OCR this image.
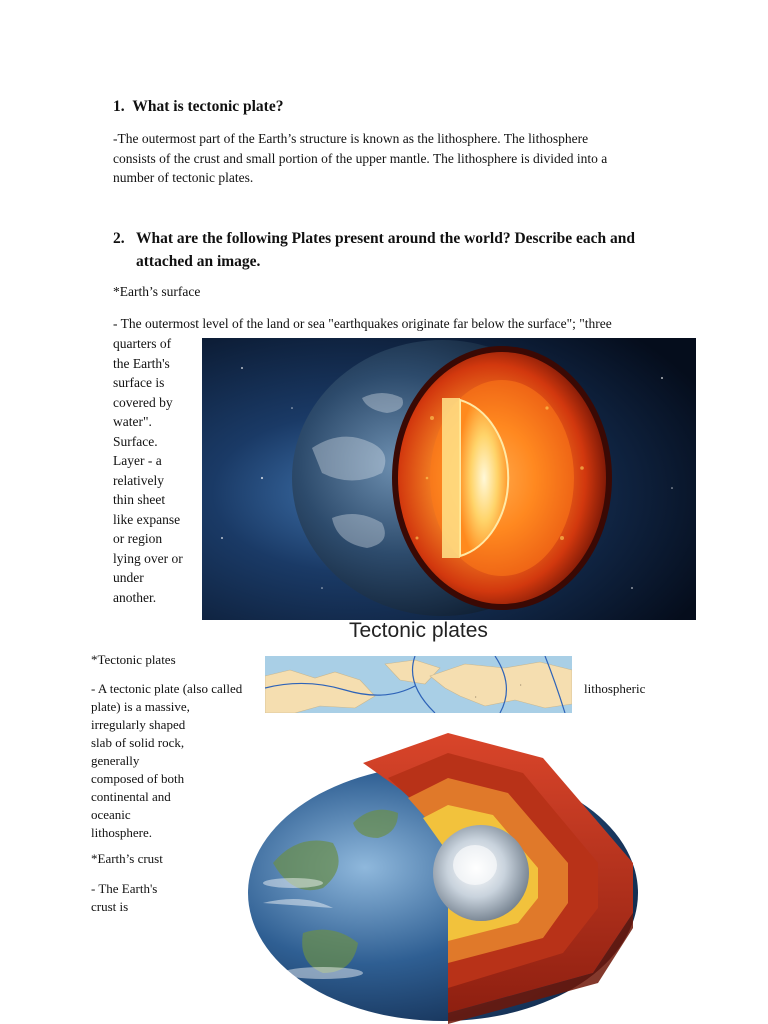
1. What is tectonic plate?
-The outermost part of the Earth’s structure is known as the lithosphere. The lithosphere
consists of the crust and small portion of the upper mantle. The lithosphere is divided into a
number of tectonic plates.
2. What are the following Plates present around the world? Describe each and
attached an image.
*Earth’s surface
- The outermost level of the land or sea "earthquakes originate far below the surface"; "three
quarters of
the Earth's
surface is
covered by
water".
Surface.
Layer - a
relatively
thin sheet
like expanse
or region
lying over or
under
another.
Tectonic plates
*Tectonic plates
- A tectonic plate (also called	lithospheric
•
•
plate) is a massive,
irregularly shaped
slab of solid rock,
generally
composed of both
continental and
oceanic
lithosphere.
*Earth’s crust
- The Earth's
crust is
